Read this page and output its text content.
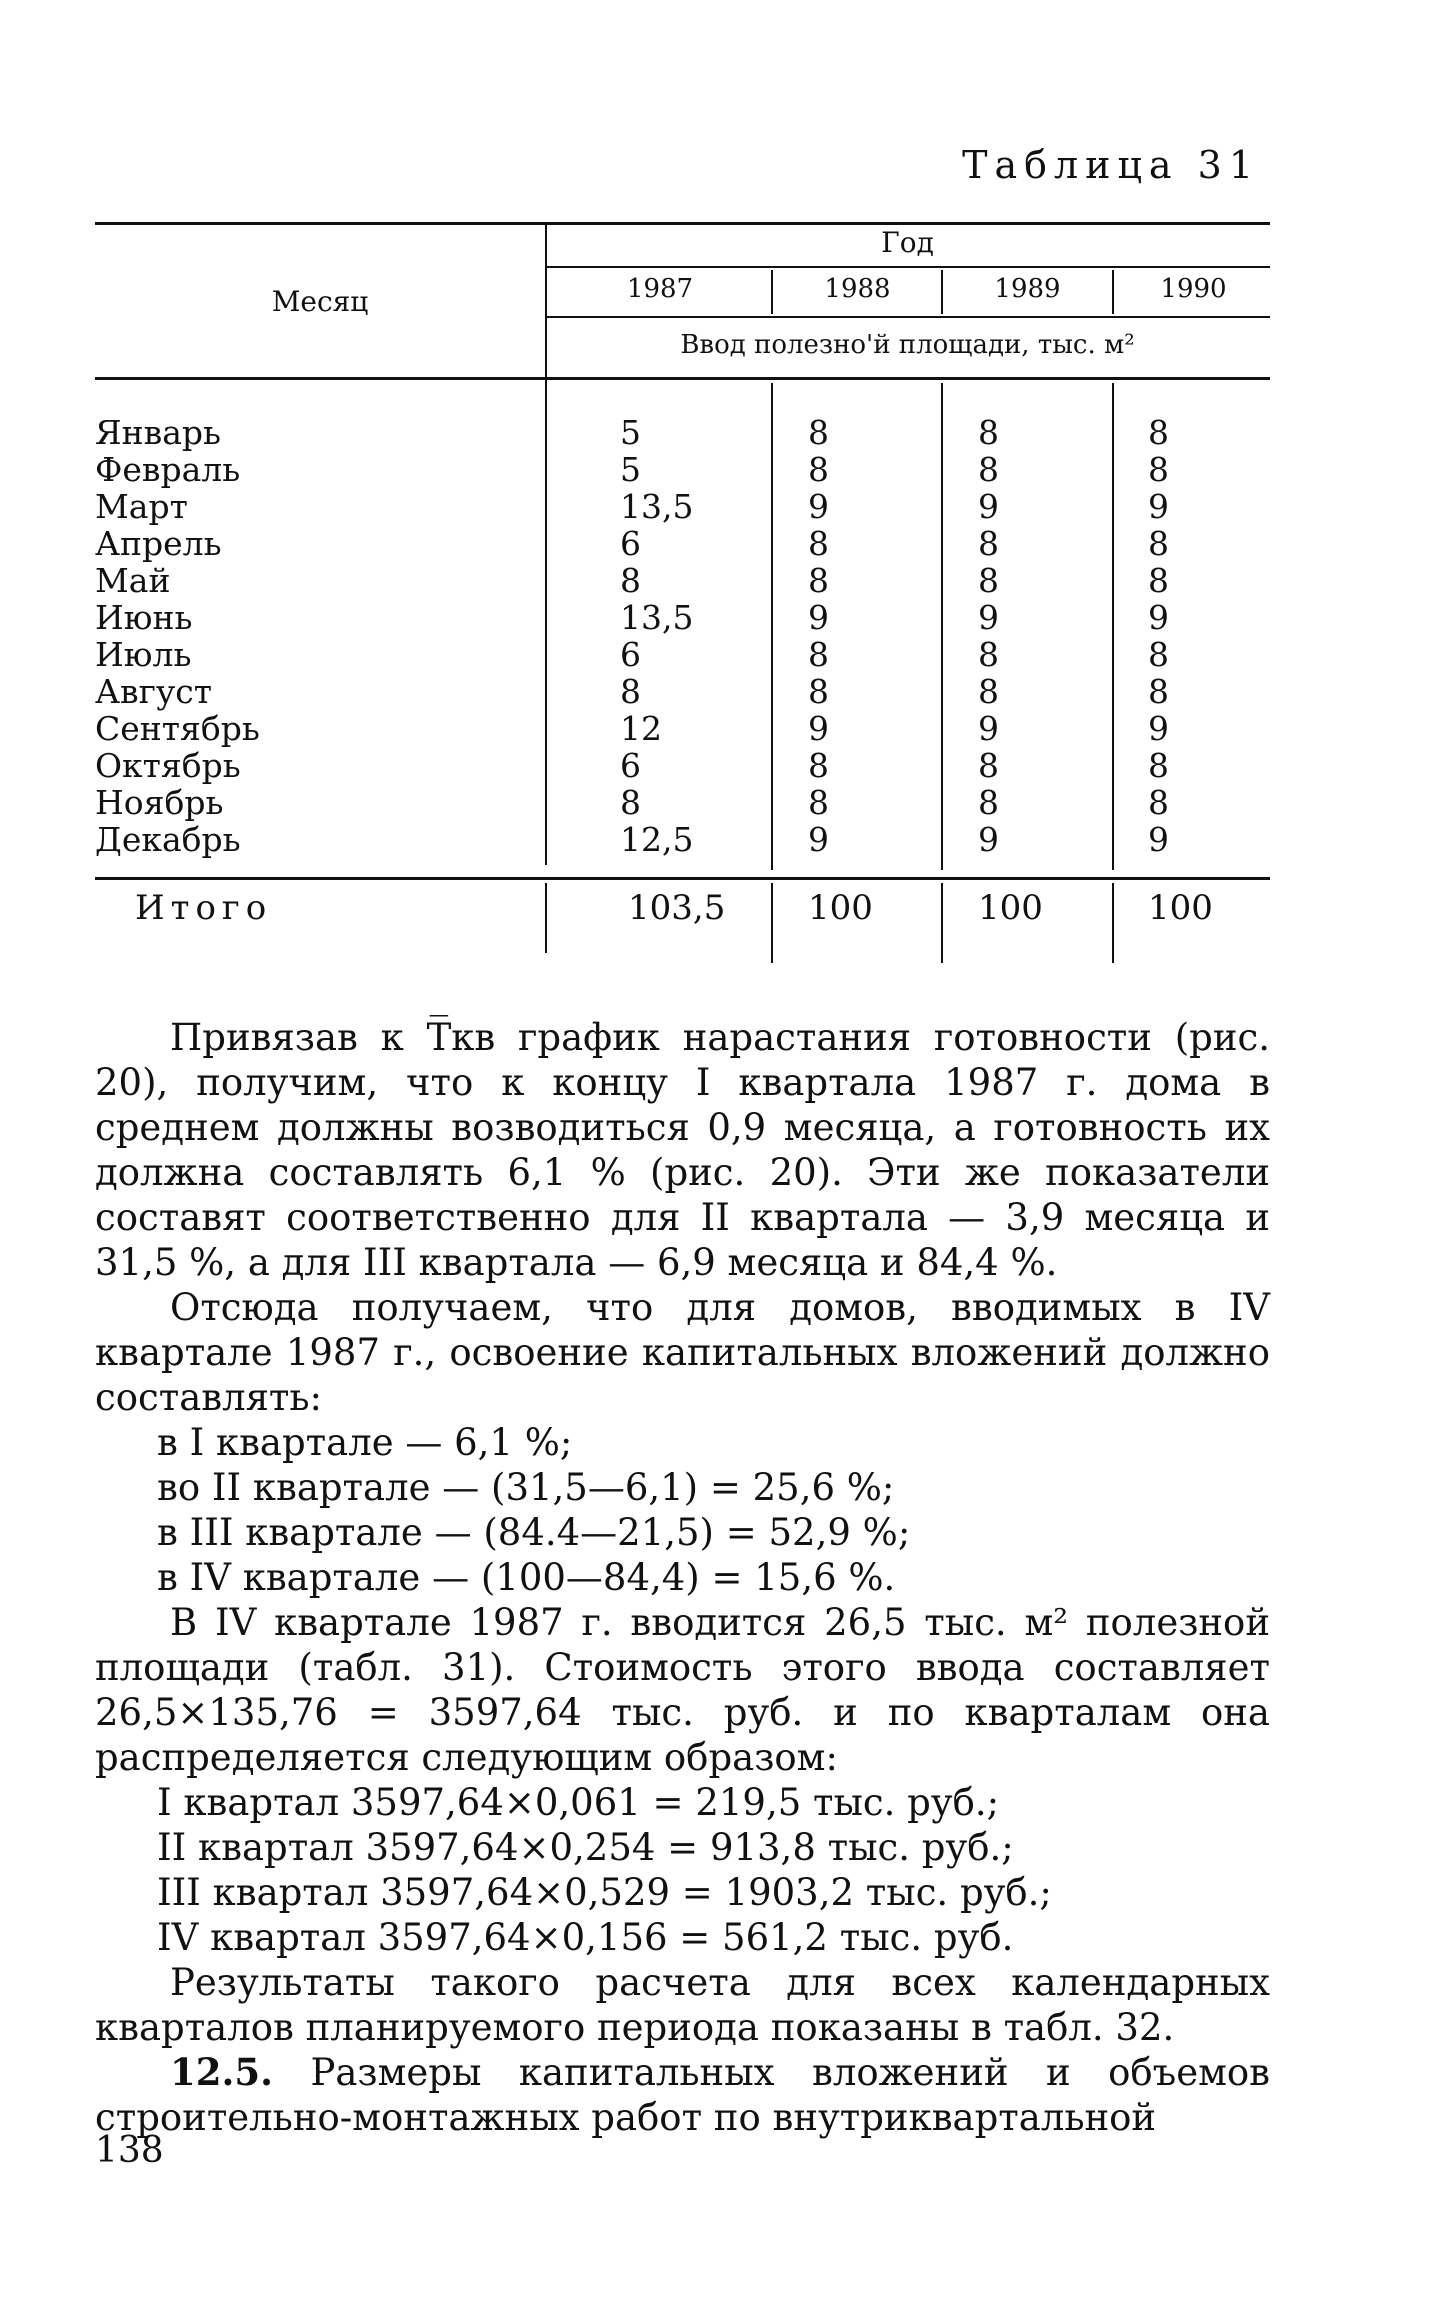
Таблица 31
Месяц
Год
1987	1988	1989	1990
Ввод полезно'й площади, тыс. м²
Январь	5	8	8	8
Февраль	5	8	8	8
Март	13,5	9	9	9
Апрель	6	8	8	8
Май	8	8	8	8
Июнь	13,5	9	9	9
Июль	6	8	8	8
Август	8	8	8	8
Сентябрь	12	9	9	9
Октябрь	6	8	8	8
Ноябрь	8	8	8	8
Декабрь	12,5	9	9	9
Итого	103,5 100	100	100

Привязав к T̅кв график нарастания готовности (рис. 20), получим, что к концу I квартала 1987 г. дома в среднем должны возводиться 0,9 месяца, а готовность их должна составлять 6,1 % (рис. 20). Эти же показатели составят соответственно для II квартала — 3,9 месяца и 31,5 %, а для III квартала — 6,9 месяца и 84,4 %.

Отсюда получаем, что для домов, вводимых в IV квартале 1987 г., освоение капитальных вложений должно составлять:

в I квартале — 6,1 %;

во II квартале — (31,5—6,1) = 25,6 %;

в III квартале — (84.4—21,5) = 52,9 %;

в IV квартале — (100—84,4) = 15,6 %.

В IV квартале 1987 г. вводится 26,5 тыс. м² полезной площади (табл. 31). Стоимость этого ввода составляет 26,5×135,76 = 3597,64 тыс. руб. и по кварталам она распределяется следующим образом:

I квартал 3597,64×0,061 = 219,5 тыс. руб.;

II квартал 3597,64×0,254 = 913,8 тыс. руб.;

III квартал 3597,64×0,529 = 1903,2 тыс. руб.;

IV квартал 3597,64×0,156 = 561,2 тыс. руб.

Результаты такого расчета для всех календарных кварталов планируемого периода показаны в табл. 32.

12.5. Размеры капитальных вложений и объемов строительно-монтажных работ по внутриквартальной

138
